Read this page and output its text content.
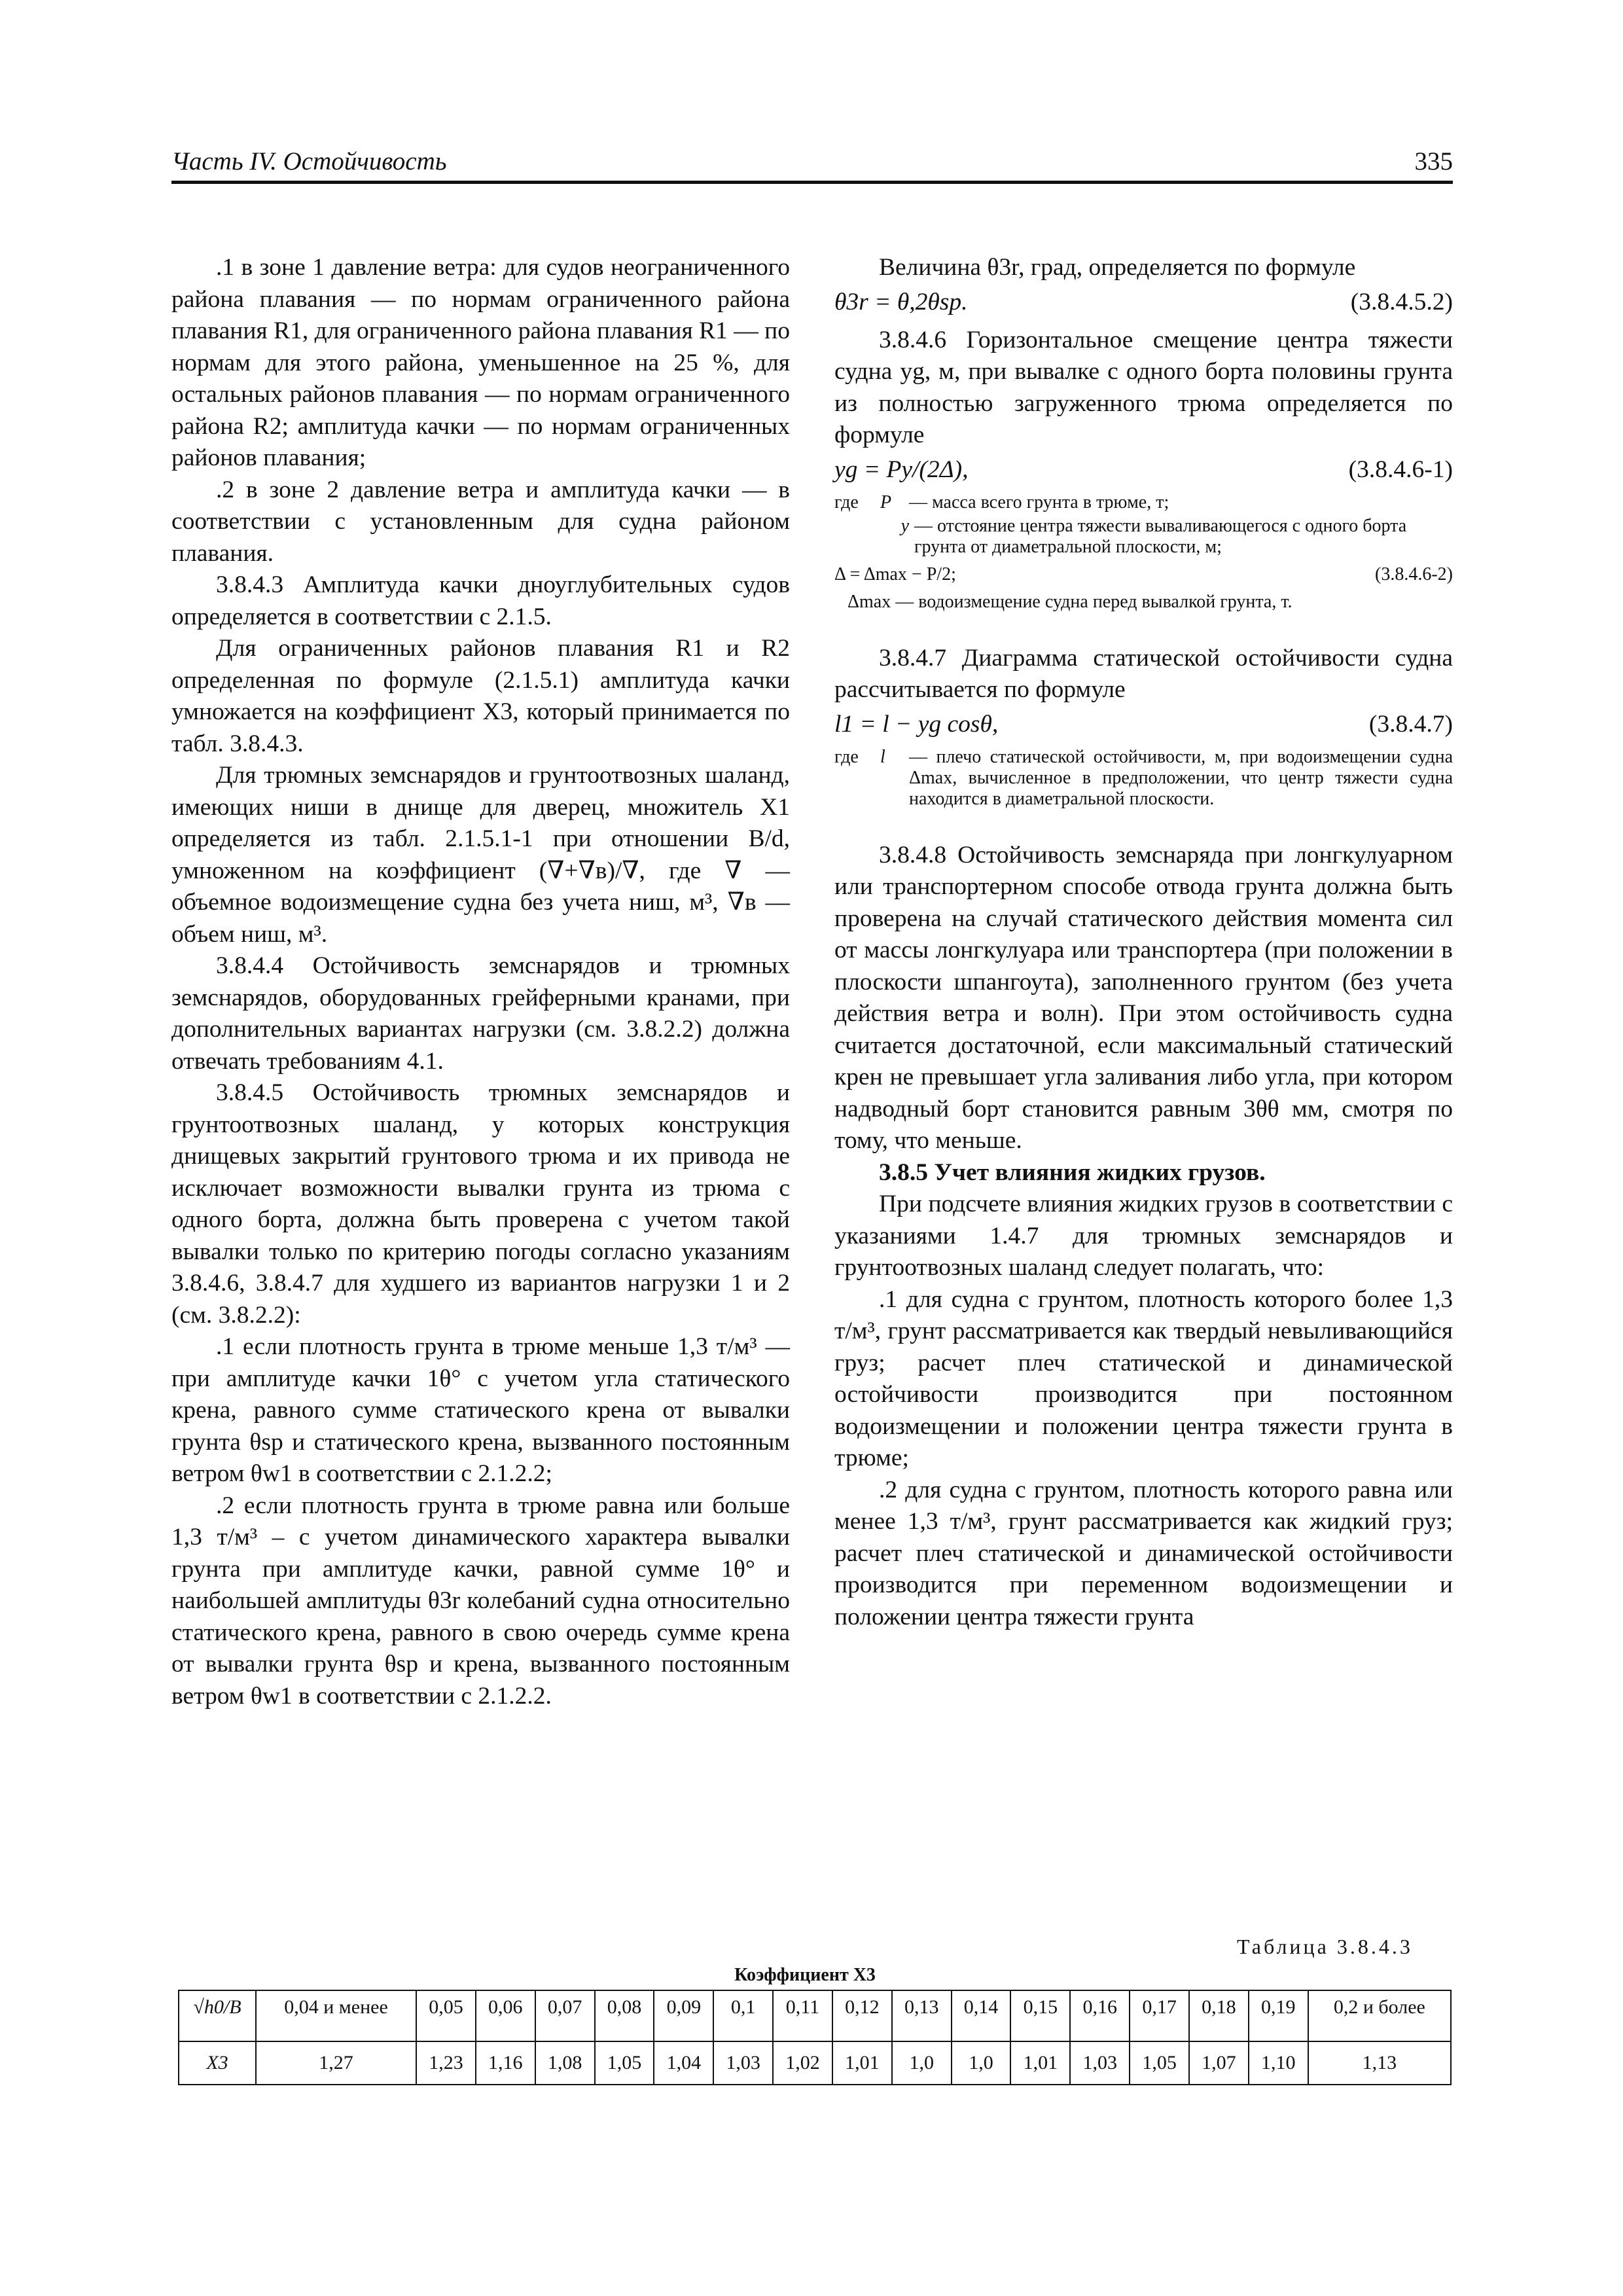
Часть IV. Остойчивость	335

.1 в зоне 1 давление ветра: для судов неограниченного района плавания — по нормам ограниченного района плавания R1, для ограниченного района плавания R1 — по нормам для этого района, уменьшенное на 25 %, для остальных районов плавания — по нормам ограниченного района R2; амплитуда качки — по нормам ограниченных районов плавания;

.2 в зоне 2 давление ветра и амплитуда качки — в соответствии с установленным для судна районом плавания.

3.8.4.3 Амплитуда качки дноуглубительных судов определяется в соответствии с 2.1.5.

Для ограниченных районов плавания R1 и R2 определенная по формуле (2.1.5.1) амплитуда качки умножается на коэффициент X3, который принимается по табл. 3.8.4.3.

Для трюмных земснарядов и грунтоотвозных шаланд, имеющих ниши в днище для дверец, множитель X1 определяется из табл. 2.1.5.1-1 при отношении B/d, умноженном на коэффициент (∇+∇в)/∇, где ∇ — объемное водоизмещение судна без учета ниш, м³, ∇в — объем ниш, м³.

3.8.4.4 Остойчивость земснарядов и трюмных земснарядов, оборудованных грейферными кранами, при дополнительных вариантах нагрузки (см. 3.8.2.2) должна отвечать требованиям 4.1.

3.8.4.5 Остойчивость трюмных земснарядов и грунтоотвозных шаланд, у которых конструкция днищевых закрытий грунтового трюма и их привода не исключает возможности вывалки грунта из трюма с одного борта, должна быть проверена с учетом такой вывалки только по критерию погоды согласно указаниям 3.8.4.6, 3.8.4.7 для худшего из вариантов нагрузки 1 и 2 (см. 3.8.2.2):

.1 если плотность грунта в трюме меньше 1,3 т/м³ — при амплитуде качки 1θ° с учетом угла статического крена, равного сумме статического крена от вывалки грунта θsp и статического крена, вызванного постоянным ветром θw1 в соответствии с 2.1.2.2;

.2 если плотность грунта в трюме равна или больше 1,3 т/м³ – с учетом динамического характера вывалки грунта при амплитуде качки, равной сумме 1θ° и наибольшей амплитуды θ3r колебаний судна относительно статического крена, равного в свою очередь сумме крена от вывалки грунта θsp и крена, вызванного постоянным ветром θw1 в соответствии с 2.1.2.2.

Величина θ3r, град, определяется по формуле

θ3r = θ,2θsp.	(3.8.4.5.2)

3.8.4.6 Горизонтальное смещение центра тяжести судна yg, м, при вывалке с одного борта половины грунта из полностью загруженного трюма определяется по формуле

yg = Py/(2Δ),	(3.8.4.6-1)
где	P — масса всего грунта в трюме, т;
y — отстояние центра тяжести вываливающегося с одного борта грунта от диаметральной плоскости, м;
Δ = Δmax − P/2;	(3.8.4.6-2)
Δmax — водоизмещение судна перед вывалкой грунта, т.

3.8.4.7 Диаграмма статической остойчивости судна рассчитывается по формуле

l1 = l − yg cosθ,	(3.8.4.7)
где	l	— плечо статической остойчивости, м, при водоизмещении судна Δmax, вычисленное в предположении, что центр тяжести судна находится в диаметральной плоскости.

3.8.4.8 Остойчивость земснаряда при лонгкулуарном или транспортерном способе отвода грунта должна быть проверена на случай статического действия момента сил от массы лонгкулуара или транспортера (при положении в плоскости шпангоута), заполненного грунтом (без учета действия ветра и волн). При этом остойчивость судна считается достаточной, если максимальный статический крен не превышает угла заливания либо угла, при котором надводный борт становится равным 3θθ мм, смотря по тому, что меньше.

3.8.5 Учет влияния жидких грузов.

При подсчете влияния жидких грузов в соответствии с указаниями 1.4.7 для трюмных земснарядов и грунтоотвозных шаланд следует полагать, что:

.1 для судна с грунтом, плотность которого более 1,3 т/м³, грунт рассматривается как твердый невыливающийся груз; расчет плеч статической и динамической остойчивости производится при постоянном водоизмещении и положении центра тяжести грунта в трюме;

.2 для судна с грунтом, плотность которого равна или менее 1,3 т/м³, грунт рассматривается как жидкий груз; расчет плеч статической и динамической остойчивости производится при переменном водоизмещении и положении центра тяжести грунта

Таблица 3.8.4.3
Коэффициент X3
√h0/B	0,04 и менее	0,05	0,06	0,07	0,08	0,09	0,1	0,11	0,12	0,13	0,14	0,15	0,16	0,17	0,18	0,19	0,2 и более
X3	1,27	1,23	1,16	1,08	1,05	1,04	1,03	1,02	1,01	1,0	1,0	1,01	1,03	1,05	1,07	1,10	1,13
